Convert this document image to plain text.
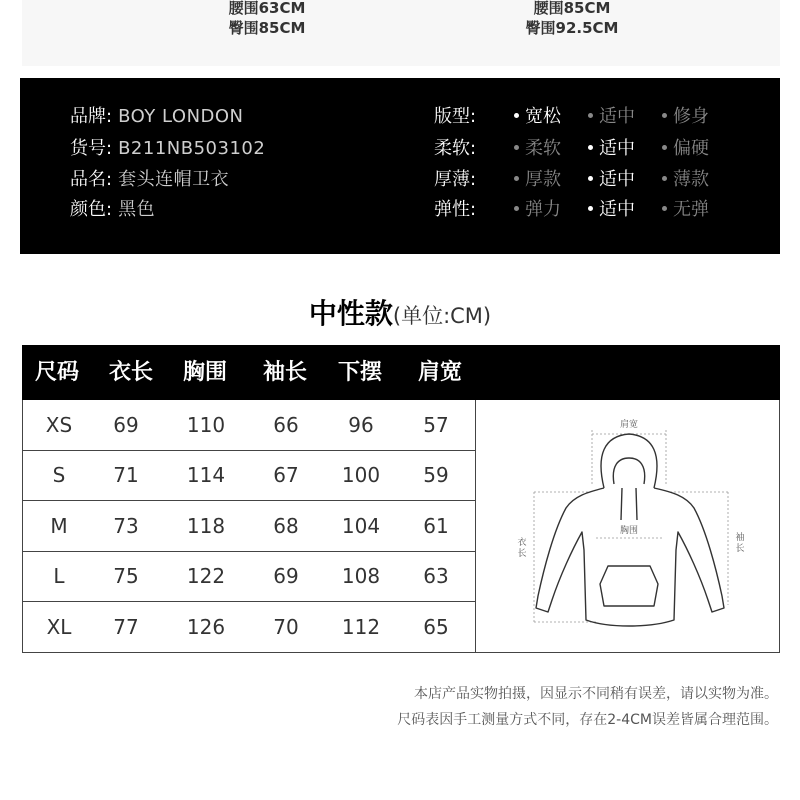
腰围63CM
臀围85CM
腰围85CM
臀围92.5CM
品牌: BOY LONDON
货号: B211NB503102
品名: 套头连帽卫衣
颜色: 黑色
版型:	宽松 适中 修身
柔软:	柔软 适中 偏硬
厚薄:	厚款 适中 薄款
弹性:	弹力 适中 无弹
中性款(单位:CM)
尺码	衣长	胸围	袖长	下摆	肩宽
XS	69	110	66	96	57
S	71	114	67	100	59
M	73	118	68	104	61
L	75	122	69	108	63
XL	77	126	70	112	65
肩宽
胸围
衣长
袖长
本店产品实物拍摄，因显示不同稍有误差，请以实物为准。
尺码表因手工测量方式不同，存在2-4CM误差皆属合理范围。
